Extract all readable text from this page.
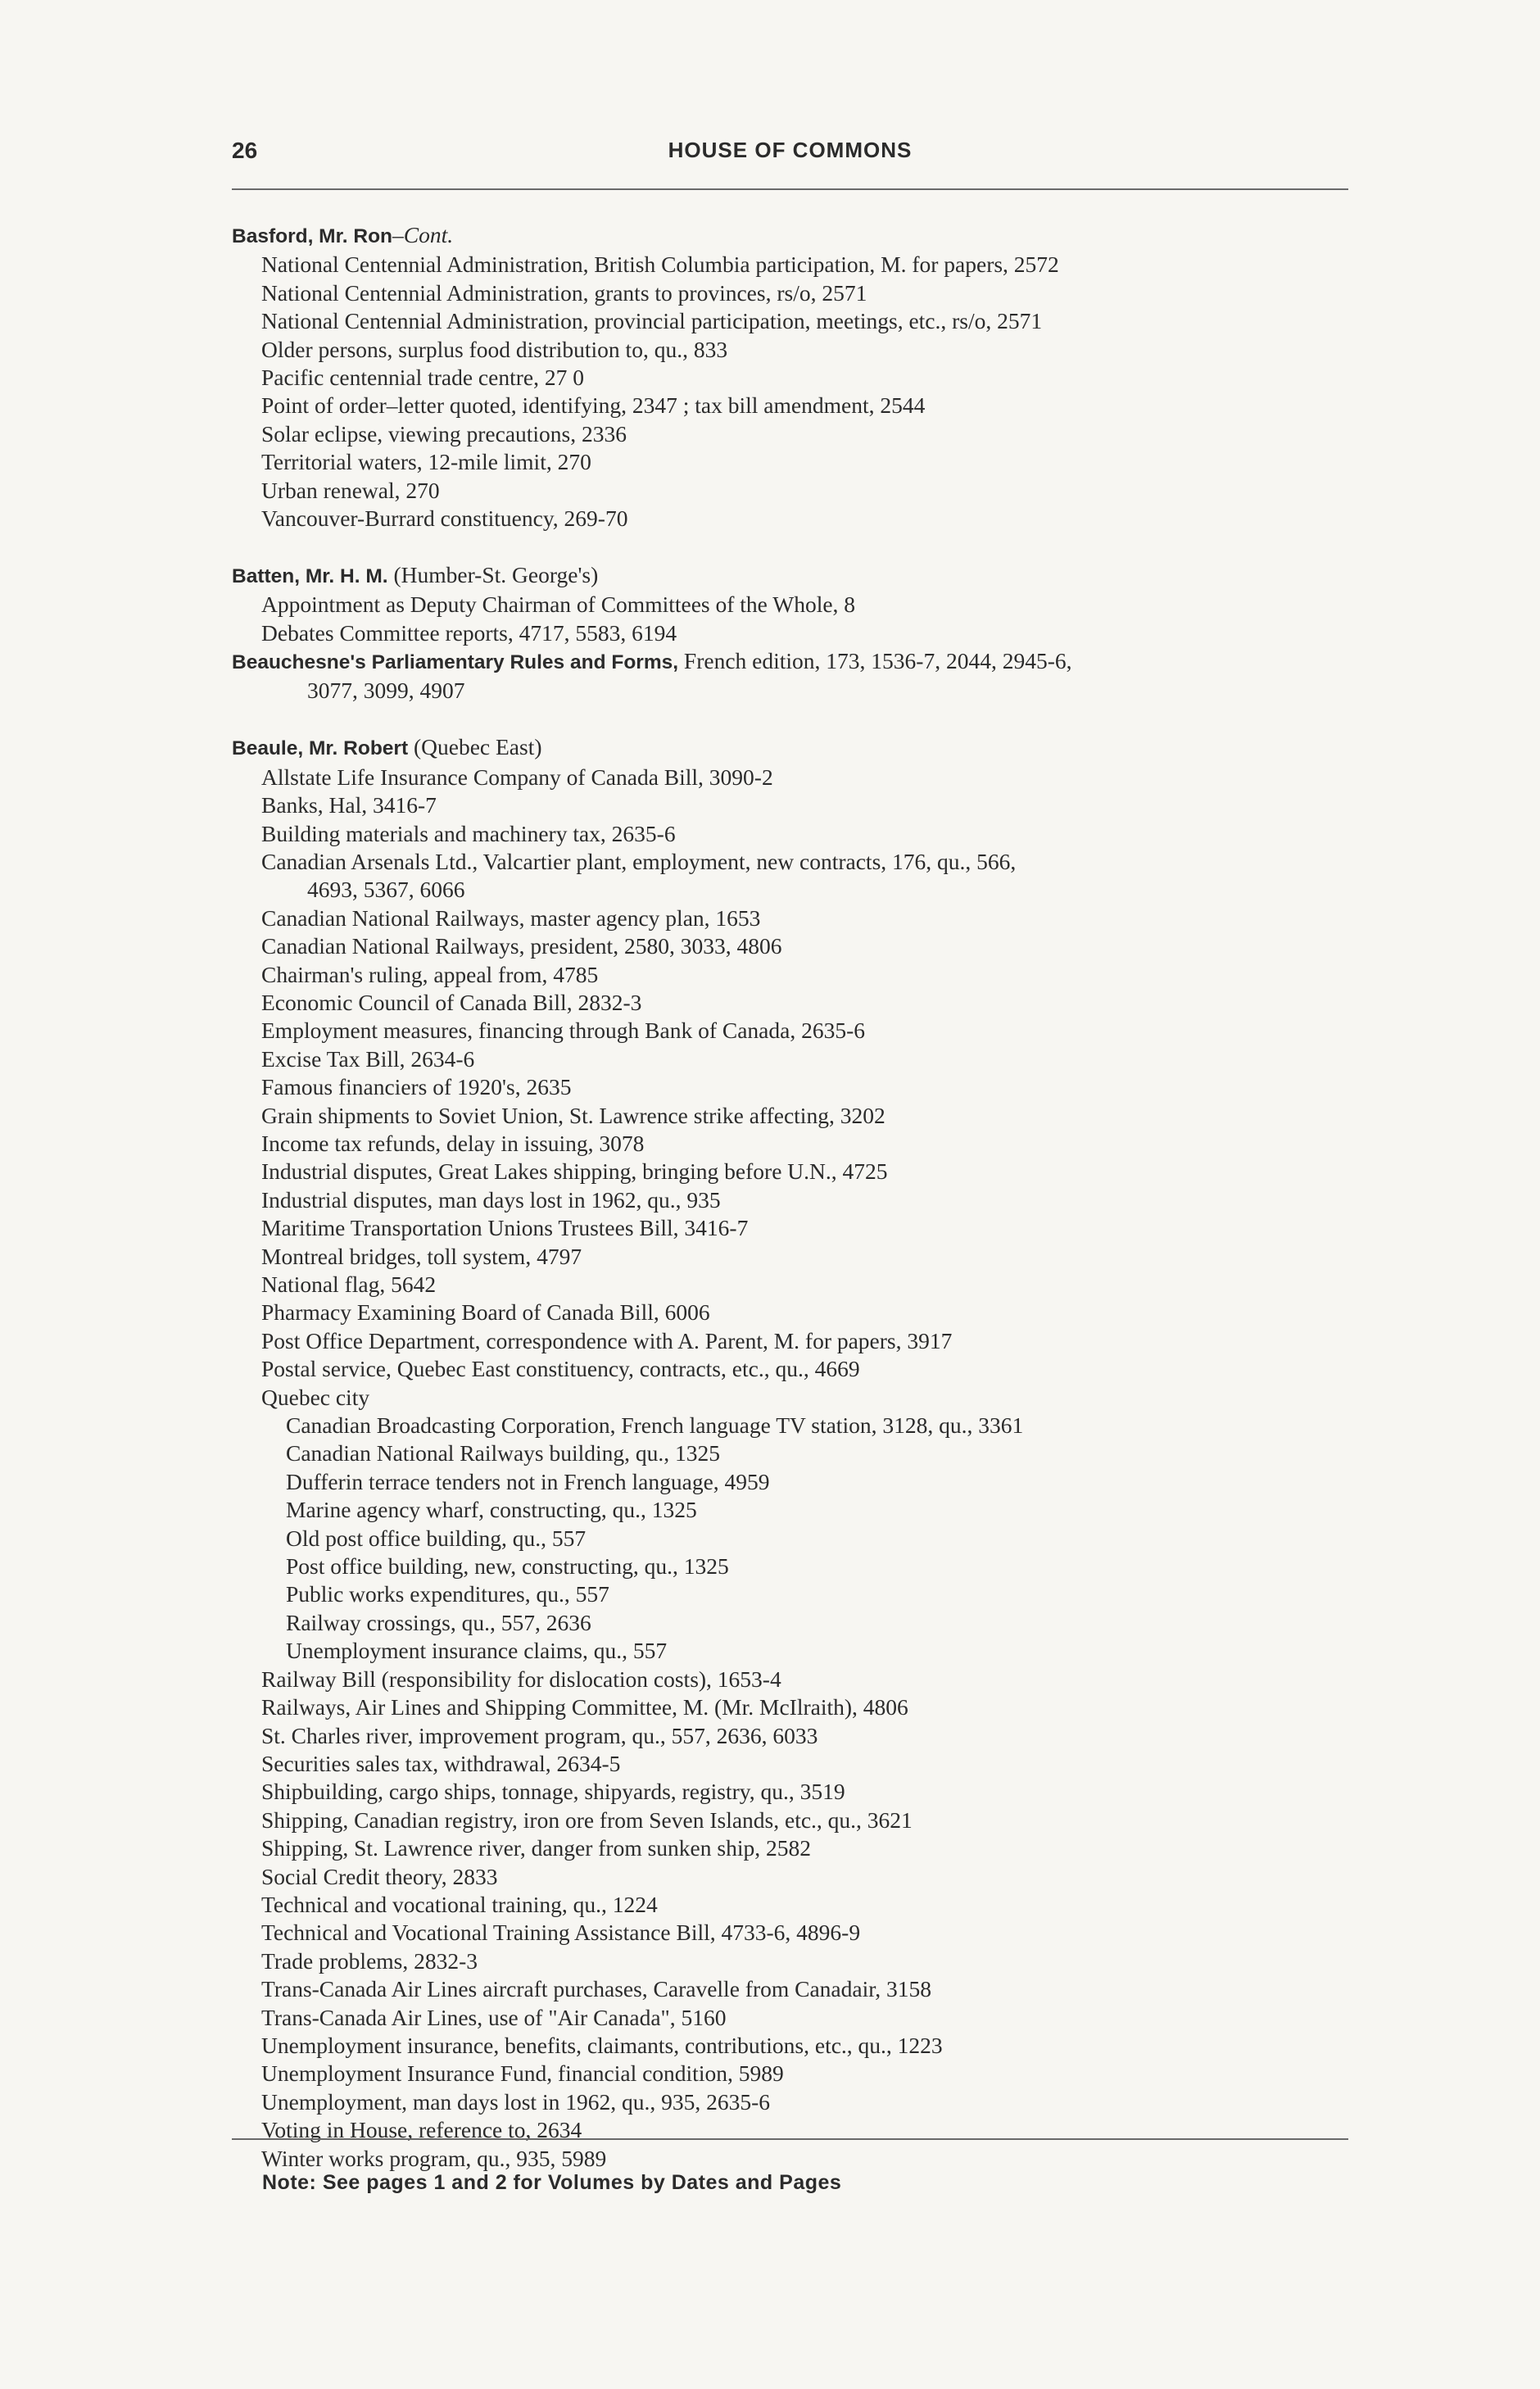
26	HOUSE OF COMMONS
Basford, Mr. Ron–Cont.
National Centennial Administration, British Columbia participation, M. for papers, 2572
National Centennial Administration, grants to provinces, rs/o, 2571
National Centennial Administration, provincial participation, meetings, etc., rs/o, 2571
Older persons, surplus food distribution to, qu., 833
Pacific centennial trade centre, 27 0
Point of order–letter quoted, identifying, 2347 ; tax bill amendment, 2544
Solar eclipse, viewing precautions, 2336
Territorial waters, 12-mile limit, 270
Urban renewal, 270
Vancouver-Burrard constituency, 269-70
Batten, Mr. H. M. (Humber-St. George's)
Appointment as Deputy Chairman of Committees of the Whole, 8
Debates Committee reports, 4717, 5583, 6194
Beauchesne's Parliamentary Rules and Forms, French edition, 173, 1536-7, 2044, 2945-6,
3077, 3099, 4907
Beaule, Mr. Robert (Quebec East)
Allstate Life Insurance Company of Canada Bill, 3090-2
Banks, Hal, 3416-7
Building materials and machinery tax, 2635-6
Canadian Arsenals Ltd., Valcartier plant, employment, new contracts, 176, qu., 566,
4693, 5367, 6066
Canadian National Railways, master agency plan, 1653
Canadian National Railways, president, 2580, 3033, 4806
Chairman's ruling, appeal from, 4785
Economic Council of Canada Bill, 2832-3
Employment measures, financing through Bank of Canada, 2635-6
Excise Tax Bill, 2634-6
Famous financiers of 1920's, 2635
Grain shipments to Soviet Union, St. Lawrence strike affecting, 3202
Income tax refunds, delay in issuing, 3078
Industrial disputes, Great Lakes shipping, bringing before U.N., 4725
Industrial disputes, man days lost in 1962, qu., 935
Maritime Transportation Unions Trustees Bill, 3416-7
Montreal bridges, toll system, 4797
National flag, 5642
Pharmacy Examining Board of Canada Bill, 6006
Post Office Department, correspondence with A. Parent, M. for papers, 3917
Postal service, Quebec East constituency, contracts, etc., qu., 4669
Quebec city
Canadian Broadcasting Corporation, French language TV station, 3128, qu., 3361
Canadian National Railways building, qu., 1325
Dufferin terrace tenders not in French language, 4959
Marine agency wharf, constructing, qu., 1325
Old post office building, qu., 557
Post office building, new, constructing, qu., 1325
Public works expenditures, qu., 557
Railway crossings, qu., 557, 2636
Unemployment insurance claims, qu., 557
Railway Bill (responsibility for dislocation costs), 1653-4
Railways, Air Lines and Shipping Committee, M. (Mr. McIlraith), 4806
St. Charles river, improvement program, qu., 557, 2636, 6033
Securities sales tax, withdrawal, 2634-5
Shipbuilding, cargo ships, tonnage, shipyards, registry, qu., 3519
Shipping, Canadian registry, iron ore from Seven Islands, etc., qu., 3621
Shipping, St. Lawrence river, danger from sunken ship, 2582
Social Credit theory, 2833
Technical and vocational training, qu., 1224
Technical and Vocational Training Assistance Bill, 4733-6, 4896-9
Trade problems, 2832-3
Trans-Canada Air Lines aircraft purchases, Caravelle from Canadair, 3158
Trans-Canada Air Lines, use of "Air Canada", 5160
Unemployment insurance, benefits, claimants, contributions, etc., qu., 1223
Unemployment Insurance Fund, financial condition, 5989
Unemployment, man days lost in 1962, qu., 935, 2635-6
Voting in House, reference to, 2634
Winter works program, qu., 935, 5989
Note: See pages 1 and 2 for Volumes by Dates and Pages
